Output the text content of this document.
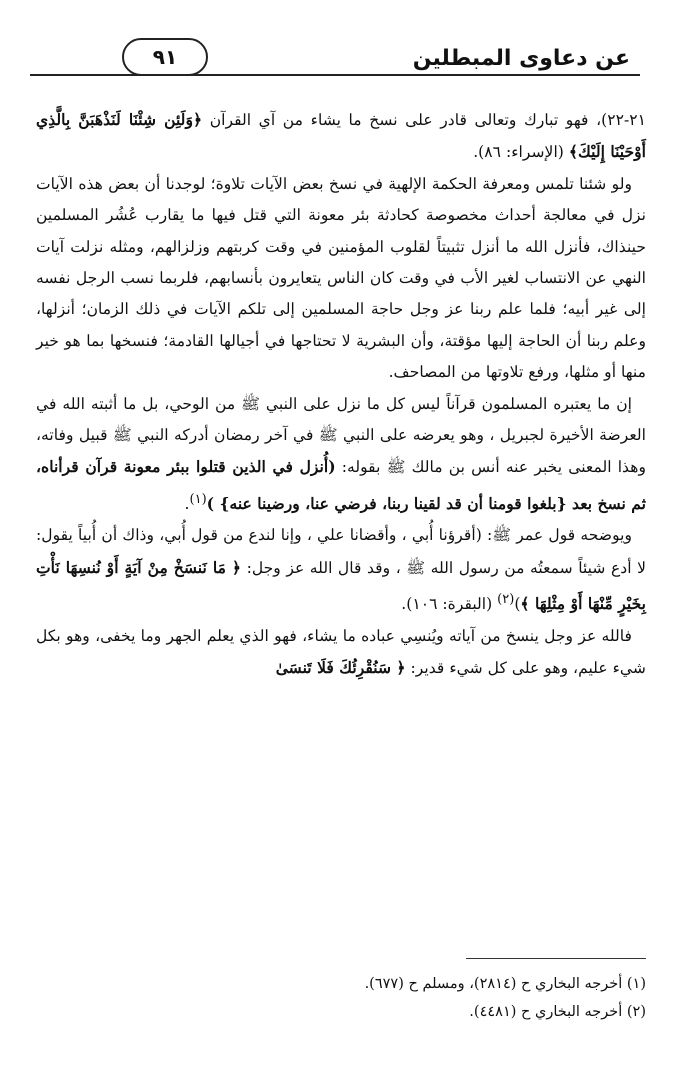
عن دعاوى المبطلين
٩١

٢١-٢٢)، فهو تبارك وتعالى قادر على نسخ ما يشاء من آي القرآن ﴿وَلَئِن شِئْنَا لَنَذْهَبَنَّ بِالَّذِي أَوْحَيْنَا إِلَيْكَ﴾ (الإسراء: ٨٦).

ولو شئنا تلمس ومعرفة الحكمة الإلهية في نسخ بعض الآيات تلاوة؛ لوجدنا أن بعض هذه الآيات نزل في معالجة أحداث مخصوصة كحادثة بئر معونة التي قتل فيها ما يقارب عُشُر المسلمين حينذاك، فأنزل الله ما أنزل تثبيتاً لقلوب المؤمنين في وقت كربتهم وزلزالهم، ومثله نزلت آيات النهي عن الانتساب لغير الأب في وقت كان الناس يتعايرون بأنسابهم، فلربما نسب الرجل نفسه إلى غير أبيه؛ فلما علم ربنا عز وجل حاجة المسلمين إلى تلكم الآيات في ذلك الزمان؛ أنزلها، وعلم ربنا أن الحاجة إليها مؤقتة، وأن البشرية لا تحتاجها في أجيالها القادمة؛ فنسخها بما هو خير منها أو مثلها، ورفع تلاوتها من المصاحف.

إن ما يعتبره المسلمون قرآناً ليس كل ما نزل على النبي ﷺ من الوحي، بل ما أثبته الله في العرضة الأخيرة لجبريل ، وهو يعرضه على النبي ﷺ في آخر رمضان أدركه النبي ﷺ قبيل وفاته، وهذا المعنى يخبر عنه أنس بن مالك ﷺ بقوله: (أُنزل في الذين قتلوا ببئر معونة قرآن قرأناه، ثم نسخ بعد {بلغوا قومنا أن قد لقينا ربنا، فرضي عنا، ورضينا عنه} )$^{(١)}$.

ويوضحه قول عمر ﷺ: (أقرؤنا أُبي ، وأقضانا علي ، وإنا لندع من قول أُبي، وذاك أن أُبياً يقول: لا أدع شيئاً سمعتُه من رسول الله ﷺ ، وقد قال الله عز وجل: ﴿ مَا نَنسَخْ مِنْ آيَةٍ أَوْ نُنسِهَا نَأْتِ بِخَيْرٍ مِّنْهَا أَوْ مِثْلِهَا ﴾)$^{(٢)}$ (البقرة: ١٠٦).

فالله عز وجل ينسخ من آياته ويُنسِي عباده ما يشاء، فهو الذي يعلم الجهر وما يخفى، وهو بكل شيء عليم، وهو على كل شيء قدير: ﴿ سَنُقْرِئُكَ فَلَا تَنسَىٰ

(١) أخرجه البخاري ح (٢٨١٤)، ومسلم ح (٦٧٧).
(٢) أخرجه البخاري ح (٤٤٨١).
